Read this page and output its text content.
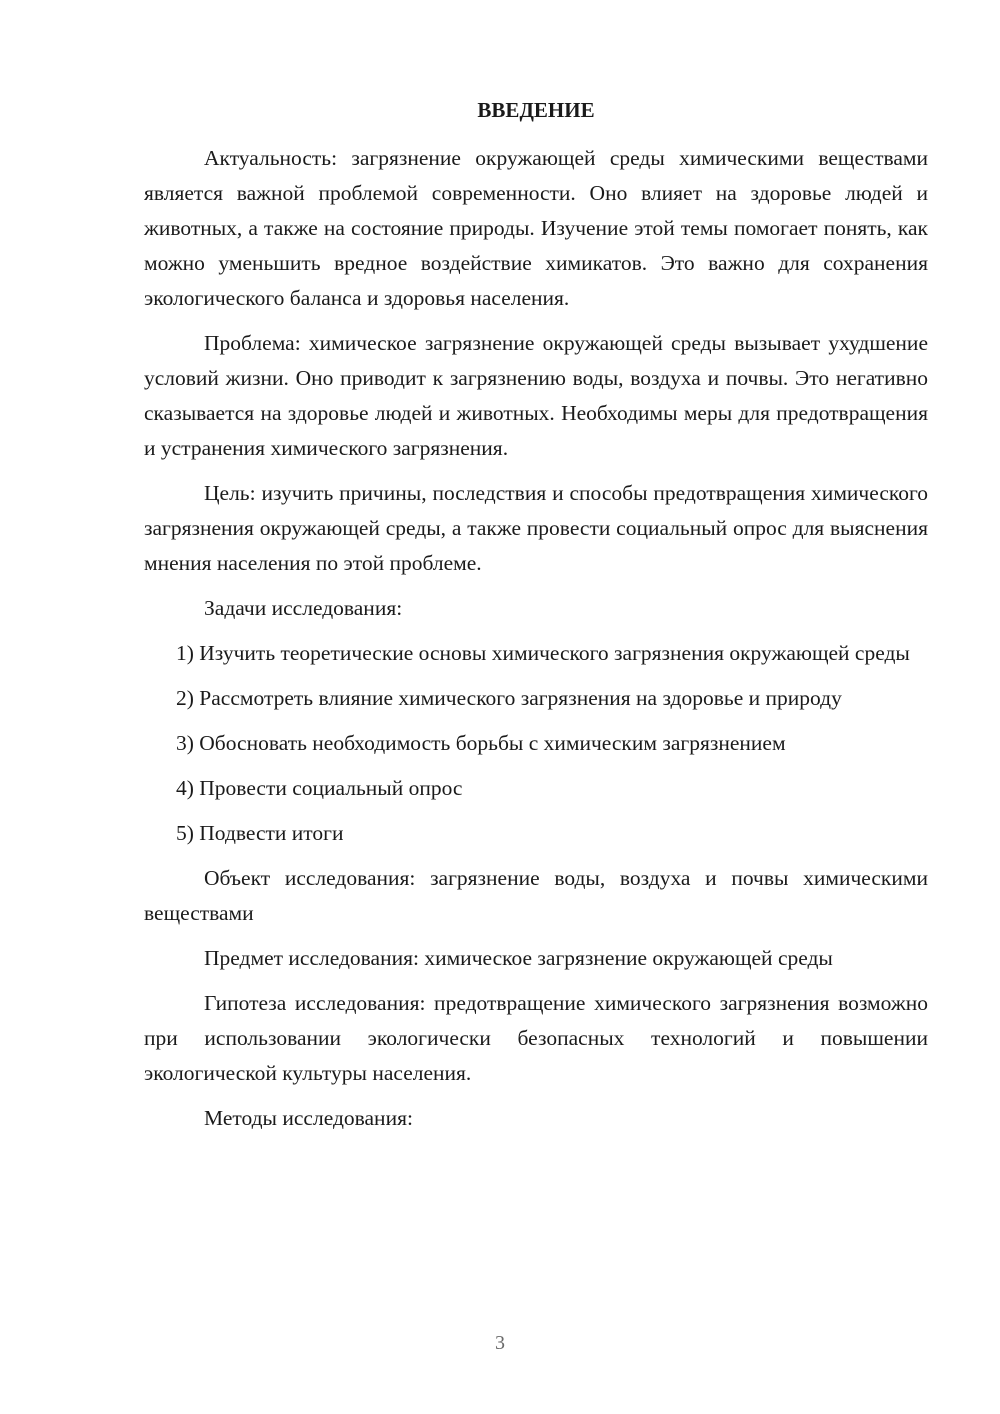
ВВЕДЕНИЕ

Актуальность: загрязнение окружающей среды химическими веществами является важной проблемой современности. Оно влияет на здоровье людей и животных, а также на состояние природы. Изучение этой темы помогает понять, как можно уменьшить вредное воздействие химикатов. Это важно для сохранения экологического баланса и здоровья населения.

Проблема: химическое загрязнение окружающей среды вызывает ухудшение условий жизни. Оно приводит к загрязнению воды, воздуха и почвы. Это негативно сказывается на здоровье людей и животных. Необходимы меры для предотвращения и устранения химического загрязнения.

Цель: изучить причины, последствия и способы предотвращения химического загрязнения окружающей среды, а также провести социальный опрос для выяснения мнения населения по этой проблеме.

Задачи исследования:

1) Изучить теоретические основы химического загрязнения окружающей среды

2) Рассмотреть влияние химического загрязнения на здоровье и природу

3) Обосновать необходимость борьбы с химическим загрязнением

4) Провести социальный опрос

5) Подвести итоги

Объект исследования: загрязнение воды, воздуха и почвы химическими веществами

Предмет исследования: химическое загрязнение окружающей среды

Гипотеза исследования: предотвращение химического загрязнения возможно при использовании экологически безопасных технологий и повышении экологической культуры населения.

Методы исследования:

3
